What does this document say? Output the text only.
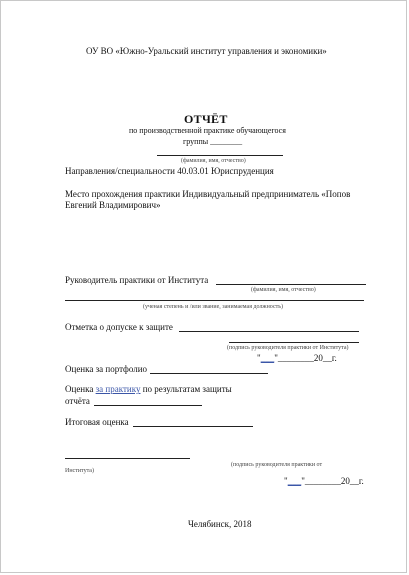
ОУ ВО «Южно-Уральский институт управления и экономики»
ОТЧЁТ
по производственной практике обучающегося
группы ________
(фамилия, имя, отчество)
Направления/специальности 40.03.01 Юриспруденция
Место прохождения практики Индивидуальный предприниматель «Попов
Евгений Владимирович»
Руководитель практики от Института
(фамилия, имя, отчество)
(ученая степень и /или звание, занимаемая должность)
Отметка о допуске к защите
(подпись руководителя практики от Института)
"___"________20__г.
Оценка за портфолио
Оценка за практику по результатам защиты
отчёта
Итоговая оценка
(подпись руководителя практики от
Института)
"___"________20__г.
Челябинск, 2018
